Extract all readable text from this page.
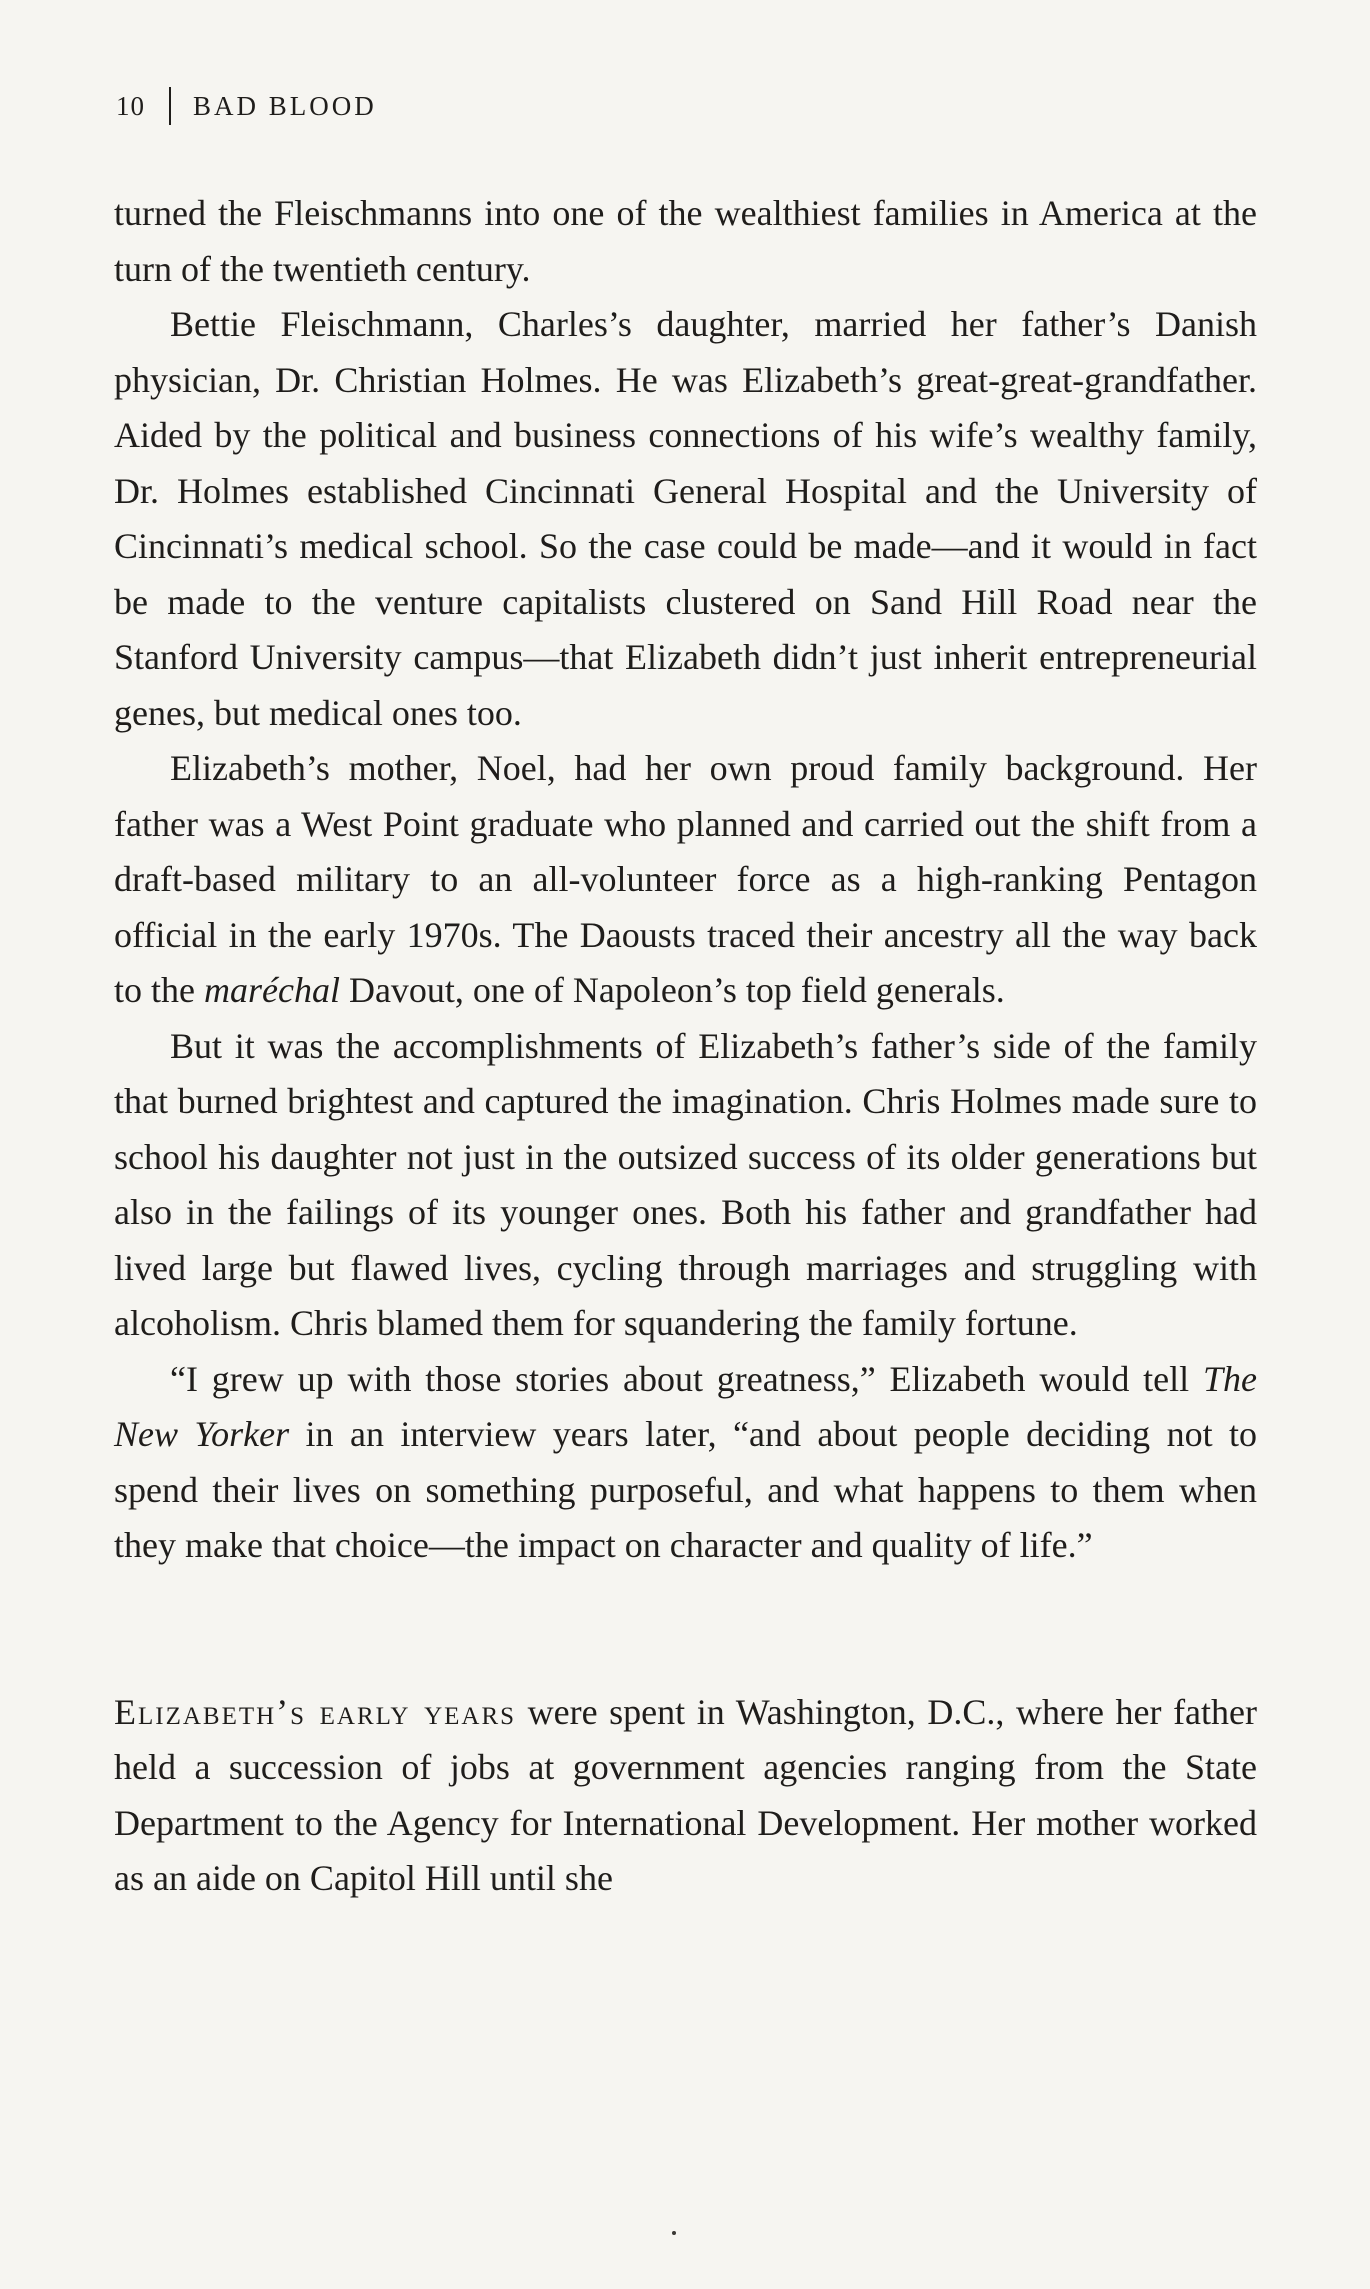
10 BAD BLOOD

turned the Fleischmanns into one of the wealthiest families in America at the turn of the twentieth century.

Bettie Fleischmann, Charles’s daughter, married her father’s Danish physician, Dr. Christian Holmes. He was Elizabeth’s great-great-grandfather. Aided by the political and business connections of his wife’s wealthy family, Dr. Holmes established Cincinnati General Hospital and the University of Cincinnati’s medical school. So the case could be made—and it would in fact be made to the venture capitalists clustered on Sand Hill Road near the Stanford University campus—that Elizabeth didn’t just inherit entrepreneurial genes, but medical ones too.

Elizabeth’s mother, Noel, had her own proud family background. Her father was a West Point graduate who planned and carried out the shift from a draft-based military to an all-volunteer force as a high-ranking Pentagon official in the early 1970s. The Daousts traced their ancestry all the way back to the maréchal Davout, one of Napoleon’s top field generals.

But it was the accomplishments of Elizabeth’s father’s side of the family that burned brightest and captured the imagination. Chris Holmes made sure to school his daughter not just in the outsized success of its older generations but also in the failings of its younger ones. Both his father and grandfather had lived large but flawed lives, cycling through marriages and struggling with alcoholism. Chris blamed them for squandering the family fortune.

“I grew up with those stories about greatness,” Elizabeth would tell The New Yorker in an interview years later, “and about people deciding not to spend their lives on something purposeful, and what happens to them when they make that choice—the impact on character and quality of life.”

Elizabeth’s early years were spent in Washington, D.C., where her father held a succession of jobs at government agencies ranging from the State Department to the Agency for International Development. Her mother worked as an aide on Capitol Hill until she
